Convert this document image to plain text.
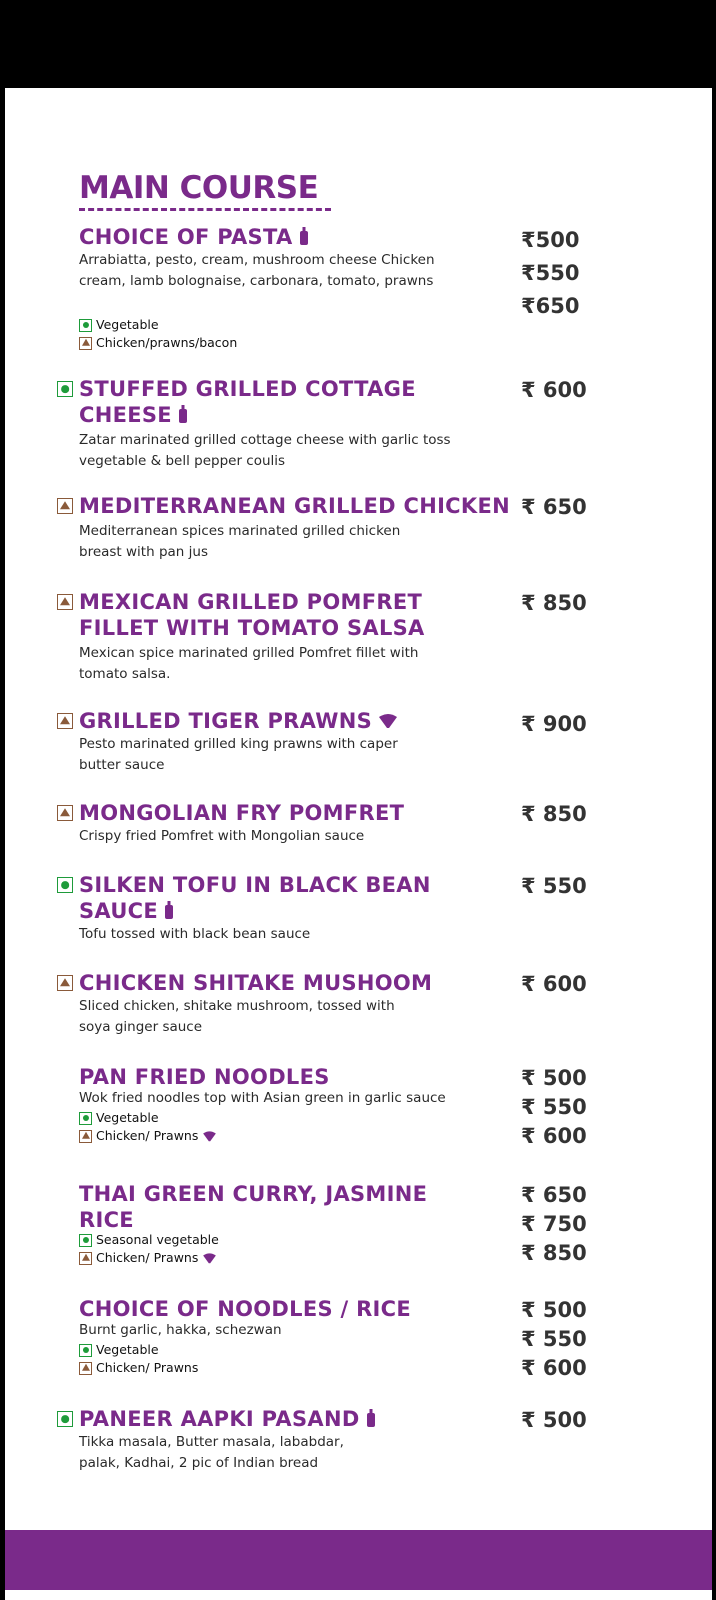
MAIN COURSE
CHOICE OF PASTA
Arrabiatta, pesto, cream, mushroom cheese Chicken cream, lamb bolognaise, carbonara, tomato, prawns
Vegetable
Chicken/prawns/bacon
₹500
₹550
₹650
STUFFED GRILLED COTTAGE CHEESE
Zatar marinated grilled cottage cheese with garlic toss vegetable & bell pepper coulis
₹ 600
MEDITERRANEAN GRILLED CHICKEN
Mediterranean spices marinated grilled chicken breast with pan jus
₹ 650
MEXICAN GRILLED POMFRET FILLET WITH TOMATO SALSA
Mexican spice marinated grilled Pomfret fillet with tomato salsa.
₹ 850
GRILLED TIGER PRAWNS
Pesto marinated grilled king prawns with caper butter sauce
₹ 900
MONGOLIAN FRY POMFRET
Crispy fried Pomfret with Mongolian sauce
₹ 850
SILKEN TOFU IN BLACK BEAN SAUCE
Tofu tossed with black bean sauce
₹ 550
CHICKEN SHITAKE MUSHOOM
Sliced chicken, shitake mushroom, tossed with soya ginger sauce
₹ 600
PAN FRIED NOODLES
Wok fried noodles top with Asian green in garlic sauce
Vegetable
Chicken/ Prawns
₹ 500
₹ 550
₹ 600
THAI GREEN CURRY, JASMINE RICE
Seasonal vegetable
Chicken/ Prawns
₹ 650
₹ 750
₹ 850
CHOICE OF NOODLES / RICE
Burnt garlic, hakka, schezwan
Vegetable
Chicken/ Prawns
₹ 500
₹ 550
₹ 600
PANEER AAPKI PASAND
Tikka masala, Butter masala, lababdar, palak, Kadhai, 2 pic of Indian bread
₹ 500
